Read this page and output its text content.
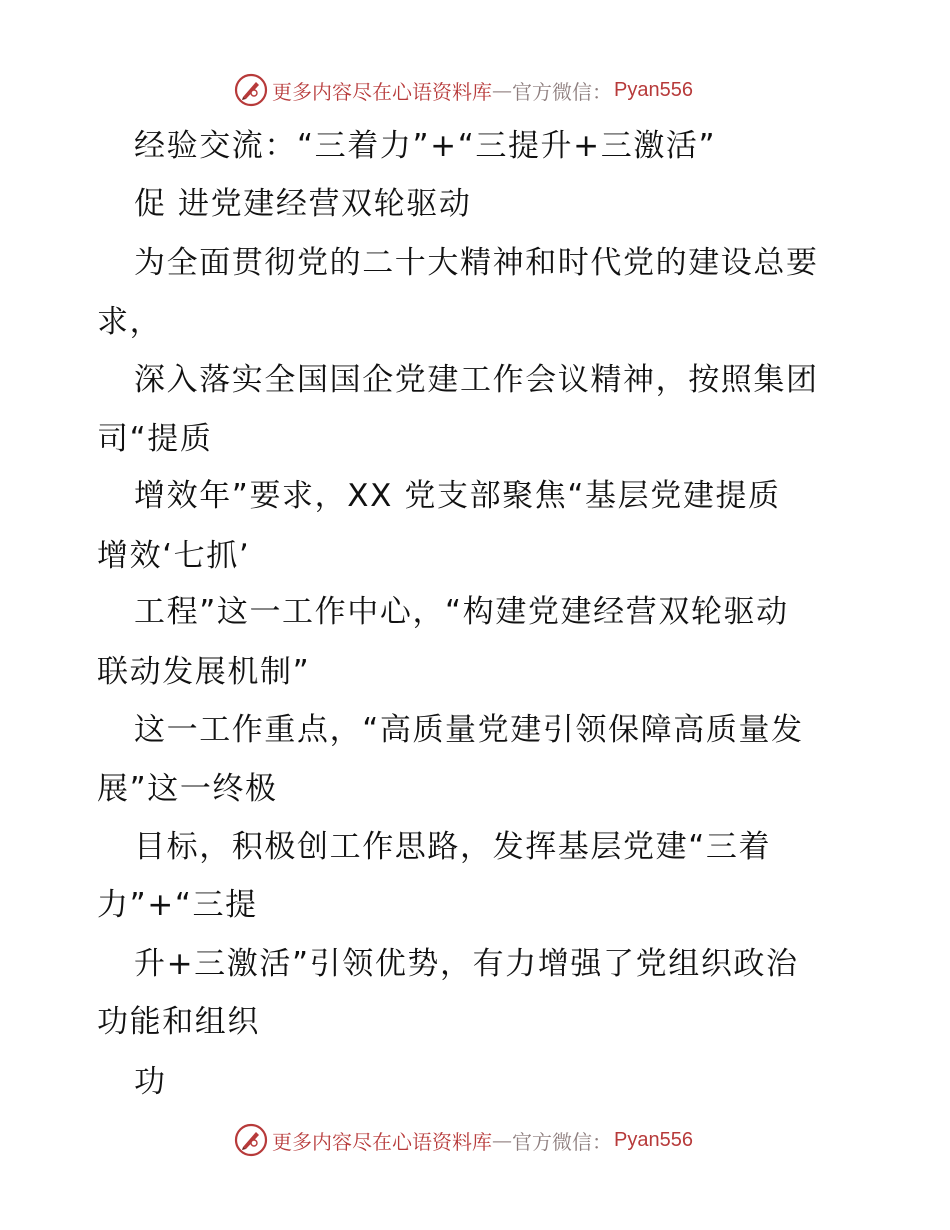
更多内容尽在心语资料库 — 官方微信： Pyan556
经验交流：“三着力”+“三提升+三激活”
促 进党建经营双轮驱动
为全面贯彻党的二十大精神和时代党的建设总要
求，
深入落实全国国企党建工作会议精神，按照集团
司“提质
增效年”要求，XX 党支部聚焦“基层党建提质
增效‘七抓’
工程”这一工作中心，“构建党建经营双轮驱动
联动发展机制”
这一工作重点，“高质量党建引领保障高质量发
展”这一终极
目标，积极创工作思路，发挥基层党建“三着
力”+“三提
升+三激活”引领优势，有力增强了党组织政治
功能和组织
功
更多内容尽在心语资料库 — 官方微信： Pyan556
